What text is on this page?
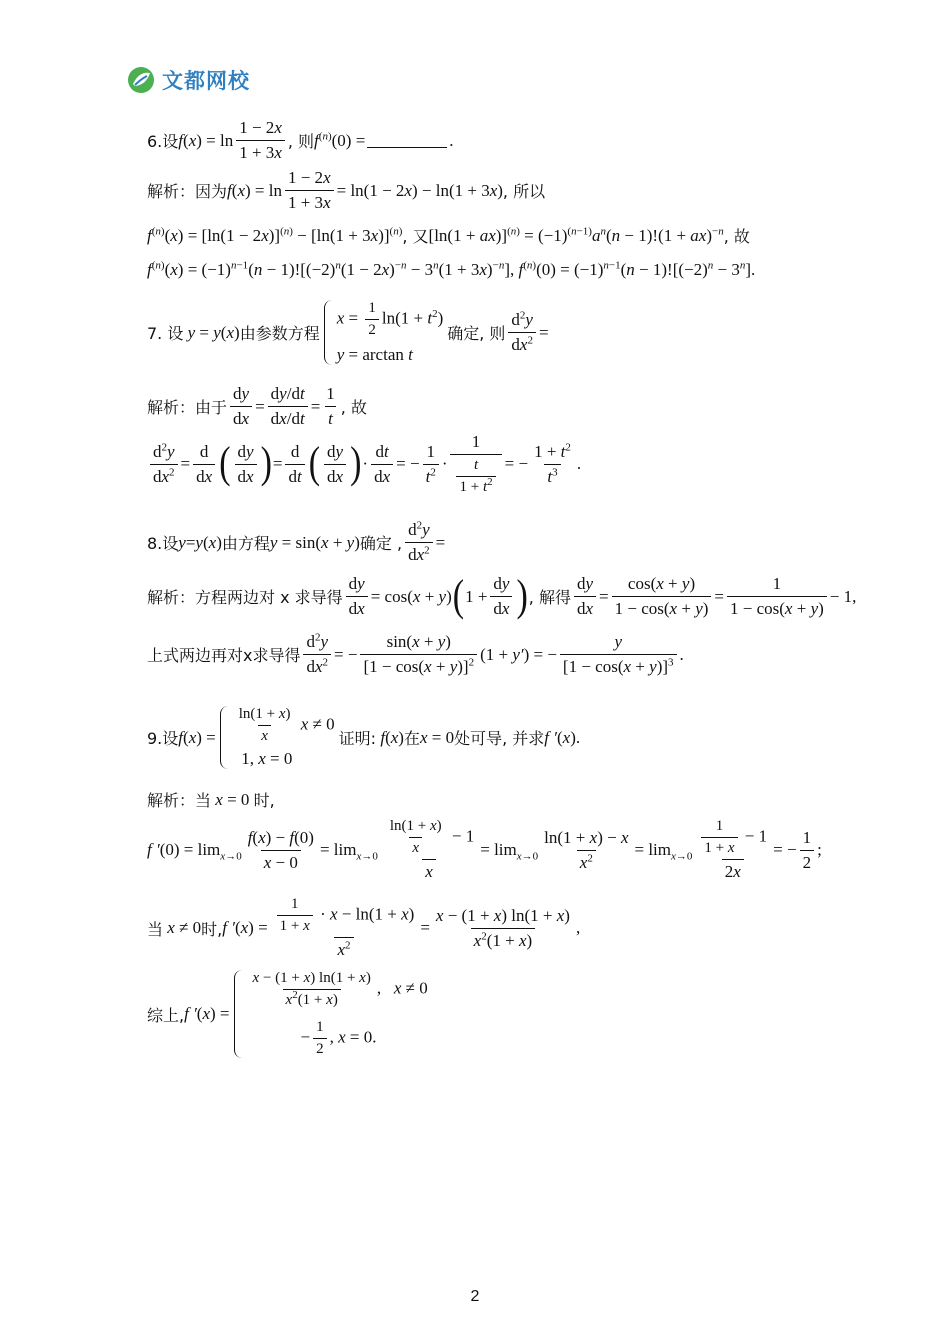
文都网校
6.设 $f(x) = \ln \frac{1 - 2x}{1 + 3x}$ , 则 $f^{(n)}(0)$ =	.
解析： 因为 $f(x) = \ln \frac{1 - 2x}{1 + 3x} = \ln(1 - 2x) - \ln(1 + 3x)$ , 所以
$f^{(n)}(x) = [\ln(1 - 2x)]^{(n)} - [\ln(1 + 3x)]^{(n)}$ , 又 $[\ln(1 + ax)]^{(n)} = (-1)^{(n-1)}a^n(n - 1)!(1 + ax)^{-n}$ , 故
$f^{(n)}(x) = (-1)^{n-1}(n - 1)![(-2)^n(1 - 2x)^{-n} - 3^n(1 + 3x)^{-n}]$, $f^{(n)}(0) = (-1)^{n-1}(n - 1)![(-2)^n - 3^n]$.
7. 设 y = y(x) 由参数方程
$x = \frac{1}{2} \ln(1 + t^2)$
y = arctan t
确定, 则 $\frac{d^2y}{dx^2}$ =
解析： 由于 $\frac{dy}{dx} = \frac{dy/dt}{dx/dt} = \frac{1}{t}$ , 故
$\frac{d^2y}{dx^2} = \frac{d}{dx}$ ( $\frac{dy}{dx}$ ) = $\frac{d}{dt}$ ( $\frac{dy}{dx}$ ) · $\frac{dt}{dx}$ = − $\frac{1}{t^2} \cdot \frac{1}{\frac{t}{1 + t^2}}$ = − $\frac{1 + t^2}{t^3}$ .
8.设 y=y(x) 由方程 y = sin(x + y) 确定 , $\frac{d^2y}{dx^2}$ =
解析： 方程两边对 x 求导得 $\frac{dy}{dx} = \cos(x + y)$ ( $1 + \frac{dy}{dx}$ ) , 解得 $\frac{dy}{dx} = \frac{\cos(x + y)}{1 - \cos(x + y)} = \frac{1}{1 - \cos(x + y)} - 1$,
上式两边再对x求导得 $\frac{d^2y}{dx^2}$ = − $\frac{\sin(x + y)}{[1 - \cos(x + y)]^2} (1 + y')$ = − $\frac{y}{[1 - \cos(x + y)]^3}$ .
9.设 $f(x) = \frac{\ln(1 + x)}{x}$ x ≠ 0
1, x = 0
证明: f(x) 在 x = 0 处可导, 并求 f ′(x).
解析： 当 x = 0 时,
f $'(0) = \lim_{x\to 0} \frac{f(x) - f(0)}{x - 0} = \lim_{x\to 0} \frac{\frac{\ln(1 + x)}{x} - 1}{x} = \lim_{x\to 0} \frac{\ln(1 + x) - x}{x^2} = \lim_{x\to 0} \frac{\frac{1}{1 + x} - 1}{2x}$ = − $\frac{1}{2}$ ;
当 x ≠ 0 时, f $'(x) = \frac{\frac{1}{1 + x} \cdot x - \ln(1 + x)}{x^2} = \frac{x - (1 + x) \ln(1 + x)}{x^2(1 + x)}$ ,
综上, f ′(x) =
$\frac{x - (1 + x) \ln(1 + x)}{x^2(1 + x)}$ ,   x ≠ 0
− $\frac{1}{2}$ , x = 0.
2
